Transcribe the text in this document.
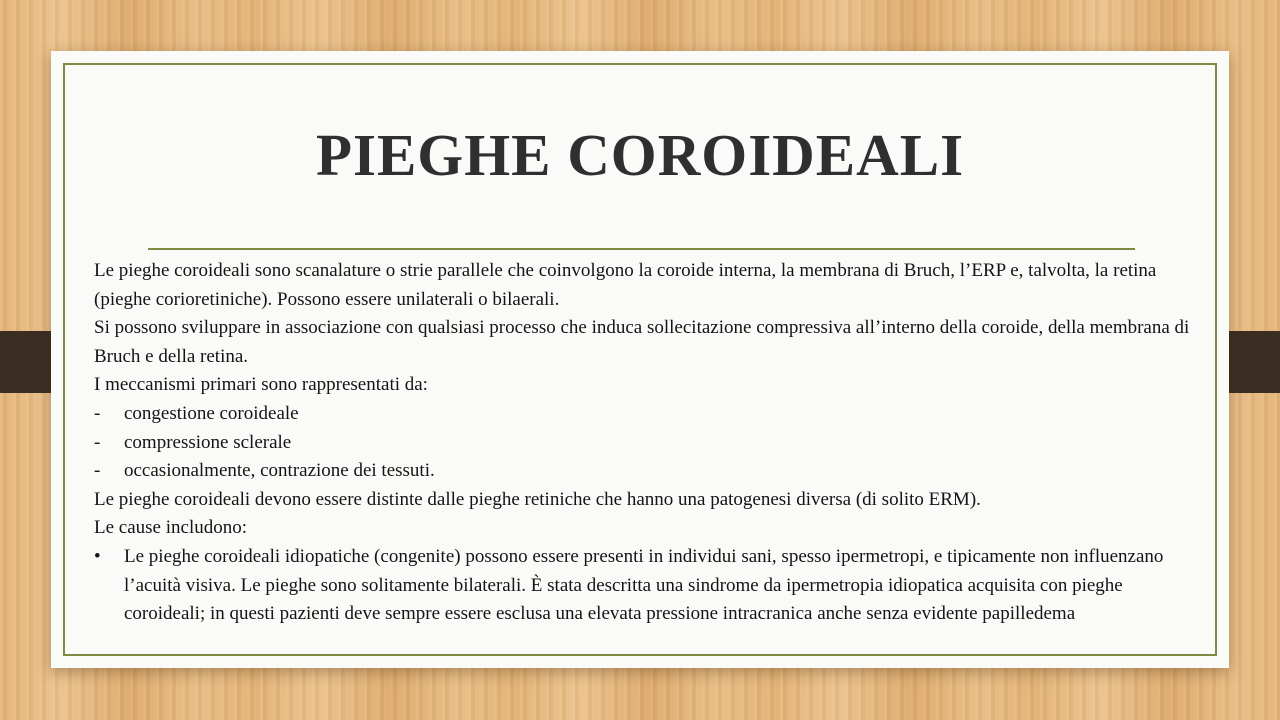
PIEGHE COROIDEALI

Le pieghe coroideali sono scanalature o strie parallele che coinvolgono la coroide interna, la membrana di Bruch, l’ERP e, talvolta, la retina (pieghe corioretiniche). Possono essere unilaterali o bilaerali.

Si possono sviluppare in associazione con qualsiasi processo che induca sollecitazione compressiva all’interno della coroide, della membrana di Bruch e della retina.

I meccanismi primari sono rappresentati da:

-	congestione coroideale
-	compressione sclerale
-	occasionalmente, contrazione dei tessuti.

Le pieghe coroideali devono essere distinte dalle pieghe retiniche che hanno una patogenesi diversa (di solito ERM).

Le cause includono:

•	Le pieghe coroideali idiopatiche (congenite) possono essere presenti in individui sani, spesso ipermetropi, e tipicamente non influenzano l’acuità visiva. Le pieghe sono solitamente bilaterali. È stata descritta una sindrome da ipermetropia idiopatica acquisita con pieghe coroideali; in questi pazienti deve sempre essere esclusa una elevata pressione intracranica anche senza evidente papilledema
